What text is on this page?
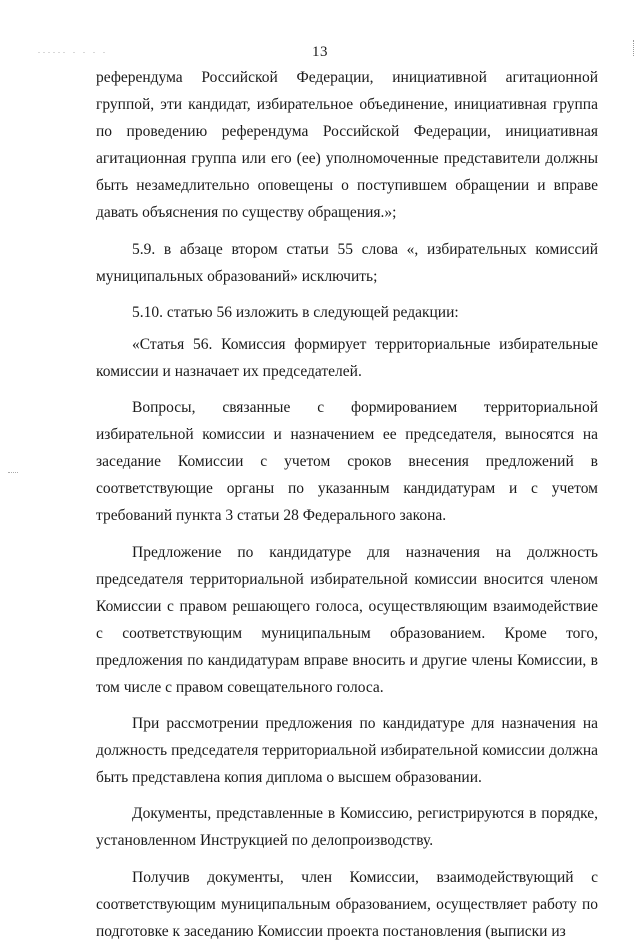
...... . . . .	13

референдума Российской Федерации, инициативной агитационной группой, эти кандидат, избирательное объединение, инициативная группа по проведению референдума Российской Федерации, инициативная агитационная группа или его (ее) уполномоченные представители должны быть незамедлительно оповещены о поступившем обращении и вправе давать объяснения по существу обращения.»;

5.9. в абзаце втором статьи 55 слова «, избирательных комиссий муниципальных образований» исключить;

5.10. статью 56 изложить в следующей редакции:

«Статья 56. Комиссия формирует территориальные избирательные комиссии и назначает их председателей.

Вопросы, связанные с формированием территориальной избирательной комиссии и назначением ее председателя, выносятся на заседание Комиссии с учетом сроков внесения предложений в соответствующие органы по указанным кандидатурам и с учетом требований пункта 3 статьи 28 Федерального закона.

Предложение по кандидатуре для назначения на должность председателя территориальной избирательной комиссии вносится членом Комиссии с правом решающего голоса, осуществляющим взаимодействие с соответствующим муниципальным образованием. Кроме того, предложения по кандидатурам вправе вносить и другие члены Комиссии, в том числе с правом совещательного голоса.

При рассмотрении предложения по кандидатуре для назначения на должность председателя территориальной избирательной комиссии должна быть представлена копия диплома о высшем образовании.

Документы, представленные в Комиссию, регистрируются в порядке, установленном Инструкцией по делопроизводству.

Получив документы, член Комиссии, взаимодействующий с соответствующим муниципальным образованием, осуществляет работу по подготовке к заседанию Комиссии проекта постановления (выписки из
